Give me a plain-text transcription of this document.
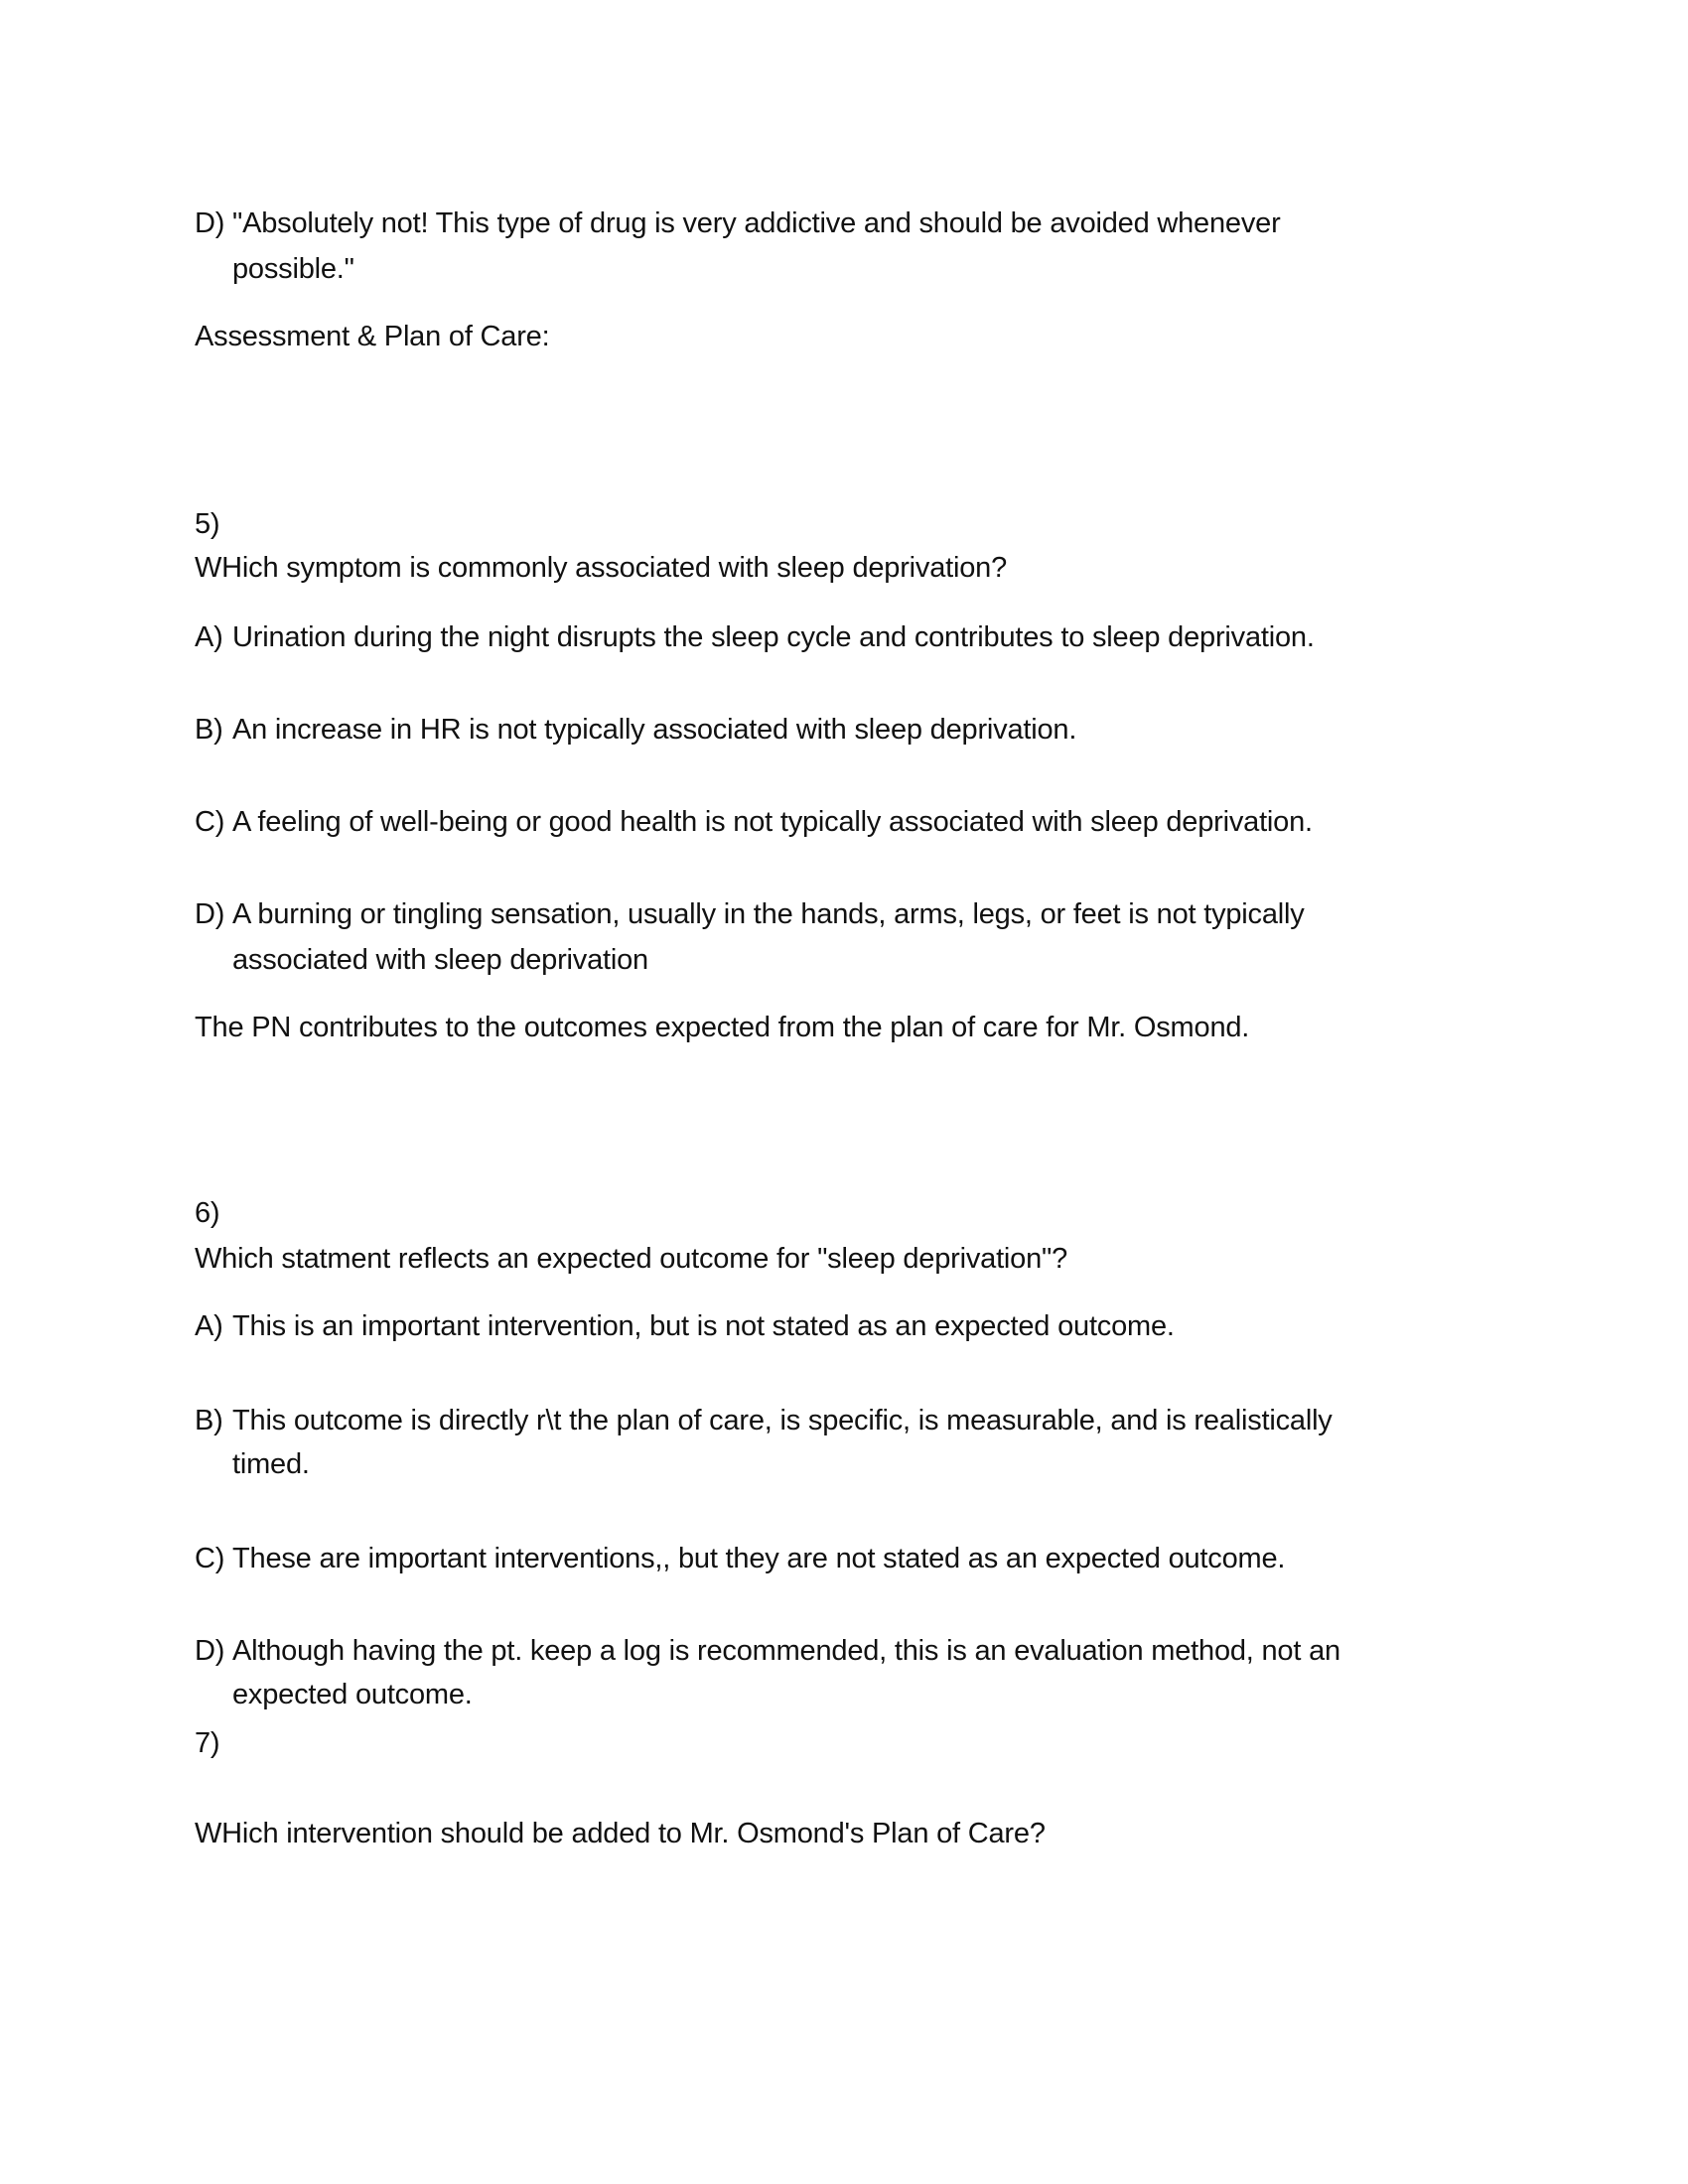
D) "Absolutely not! This type of drug is very addictive and should be avoided whenever
possible."
Assessment & Plan of Care:
5)
WHich symptom is commonly associated with sleep deprivation?
A) Urination during the night disrupts the sleep cycle and contributes to sleep deprivation.
B) An increase in HR is not typically associated with sleep deprivation.
C) A feeling of well-being or good health is not typically associated with sleep deprivation.
D) A burning or tingling sensation, usually in the hands, arms, legs, or feet is not typically
associated with sleep deprivation
The PN contributes to the outcomes expected from the plan of care for Mr. Osmond.
6)
Which statment reflects an expected outcome for "sleep deprivation"?
A) This is an important intervention, but is not stated as an expected outcome.
B) This outcome is directly r\t the plan of care, is specific, is measurable, and is realistically
timed.
C) These are important interventions,, but they are not stated as an expected outcome.
D) Although having the pt. keep a log is recommended, this is an evaluation method, not an
expected outcome.
7)
WHich intervention should be added to Mr. Osmond's Plan of Care?
